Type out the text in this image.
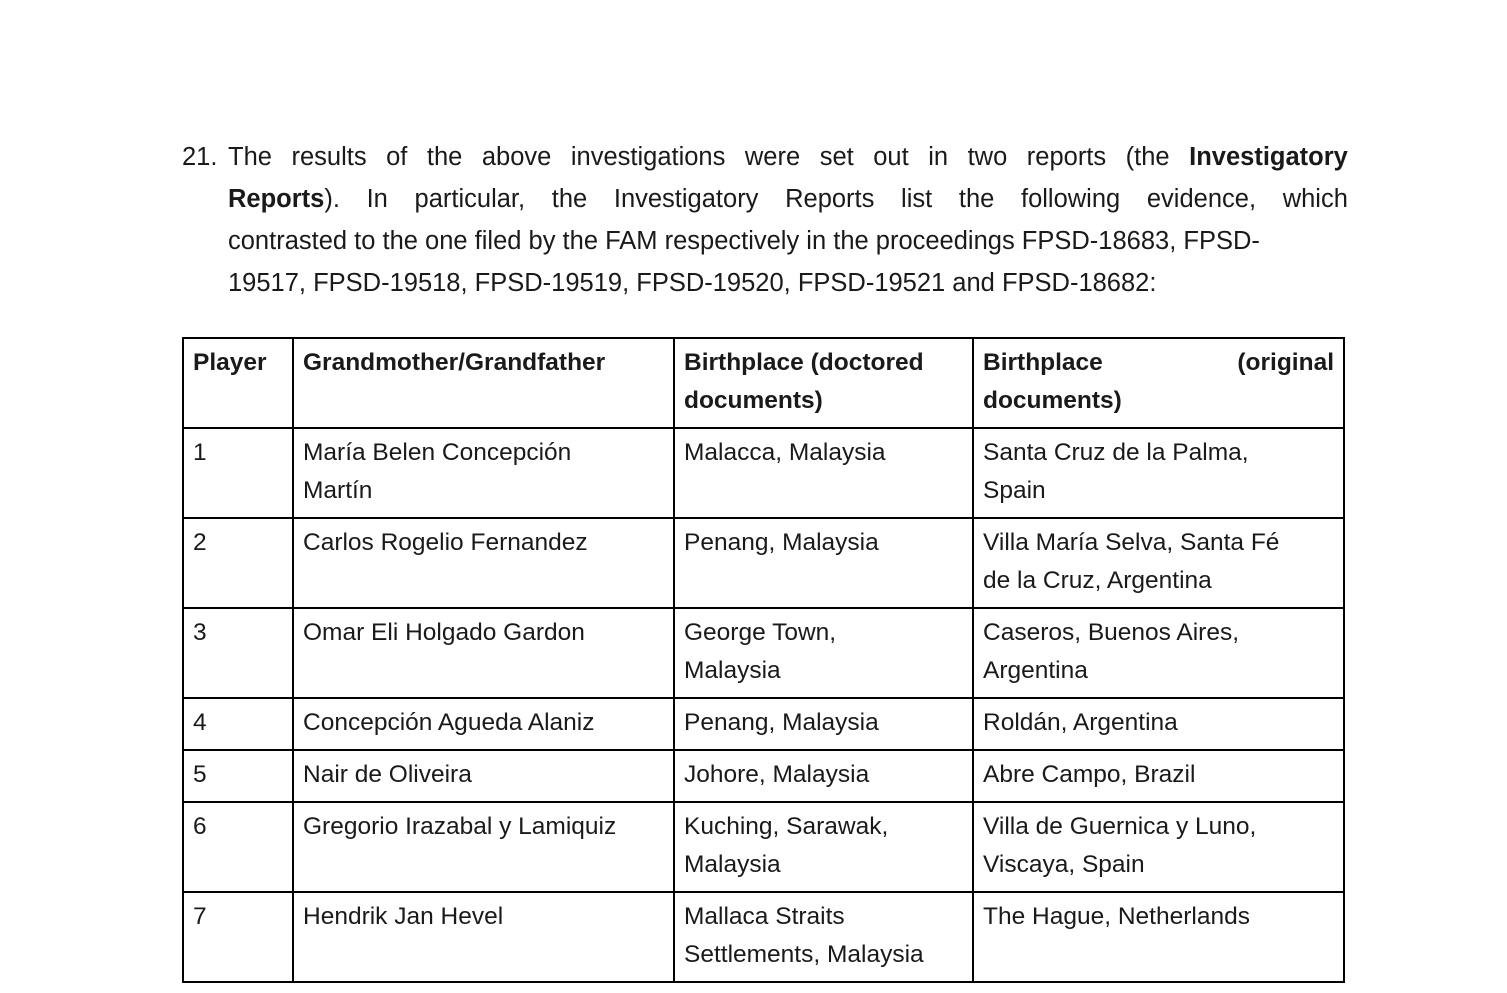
21. The results of the above investigations were set out in two reports (the Investigatory
Reports). In particular, the Investigatory Reports list the following evidence, which
contrasted to the one filed by the FAM respectively in the proceedings FPSD-18683, FPSD-
19517, FPSD-19518, FPSD-19519, FPSD-19520, FPSD-19521 and FPSD-18682:
Player	Grandmother/Grandfather	Birthplace (doctored
documents)	Birthplace (original
documents)

1	María Belen Concepción
Martín	Malacca, Malaysia	Santa Cruz de la Palma,
Spain

2	Carlos Rogelio Fernandez	Penang, Malaysia	Villa María Selva, Santa Fé
de la Cruz, Argentina

3	Omar Eli Holgado Gardon	George Town,
Malaysia	Caseros, Buenos Aires,
Argentina

4	Concepción Agueda Alaniz	Penang, Malaysia	Roldán, Argentina

5	Nair de Oliveira	Johore, Malaysia	Abre Campo, Brazil

6	Gregorio Irazabal y Lamiquiz	Kuching, Sarawak,
Malaysia	Villa de Guernica y Luno,
Viscaya, Spain

7	Hendrik Jan Hevel	Mallaca Straits
Settlements, Malaysia	The Hague, Netherlands
